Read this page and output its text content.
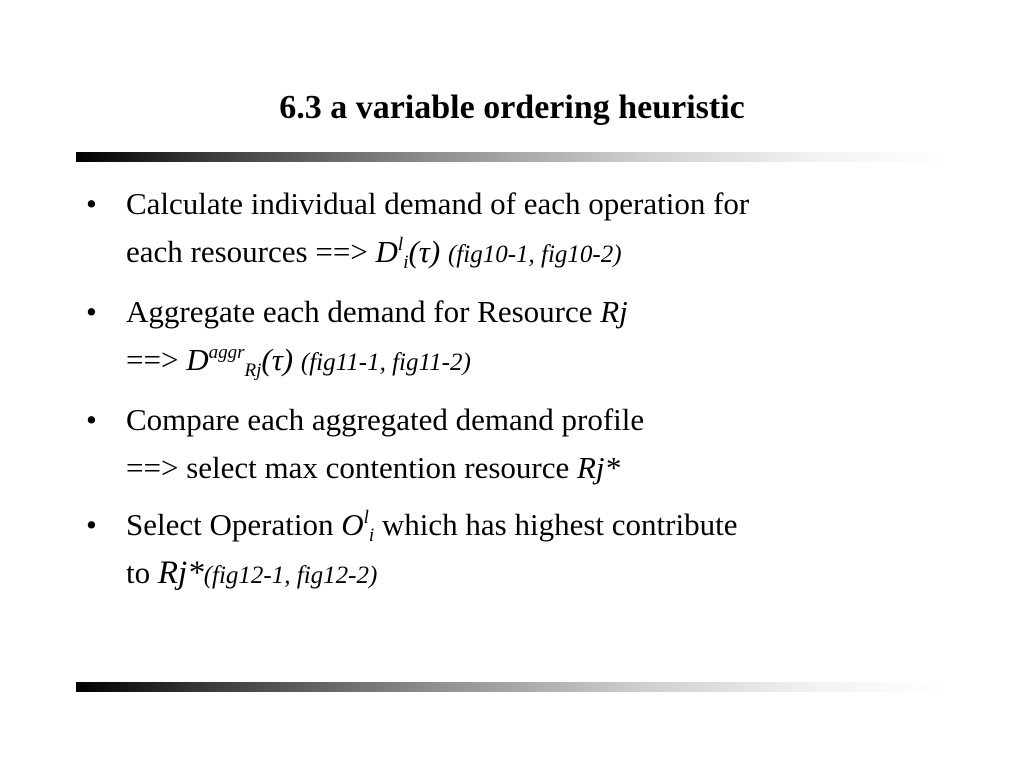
6.3 a variable ordering heuristic
• Calculate individual demand of each operation for
each resources ==> $D^l_i(\tau)$ (fig10-1, fig10-2)
• Aggregate each demand for Resource Rj
==> $D^{aggr}_{Rj}(\tau)$ (fig11-1, fig11-2)
• Compare each aggregated demand profile
==> select max contention resource Rj*
• Select Operation $O^l_i$ which has highest contribute
to Rj*(fig12-1, fig12-2)
